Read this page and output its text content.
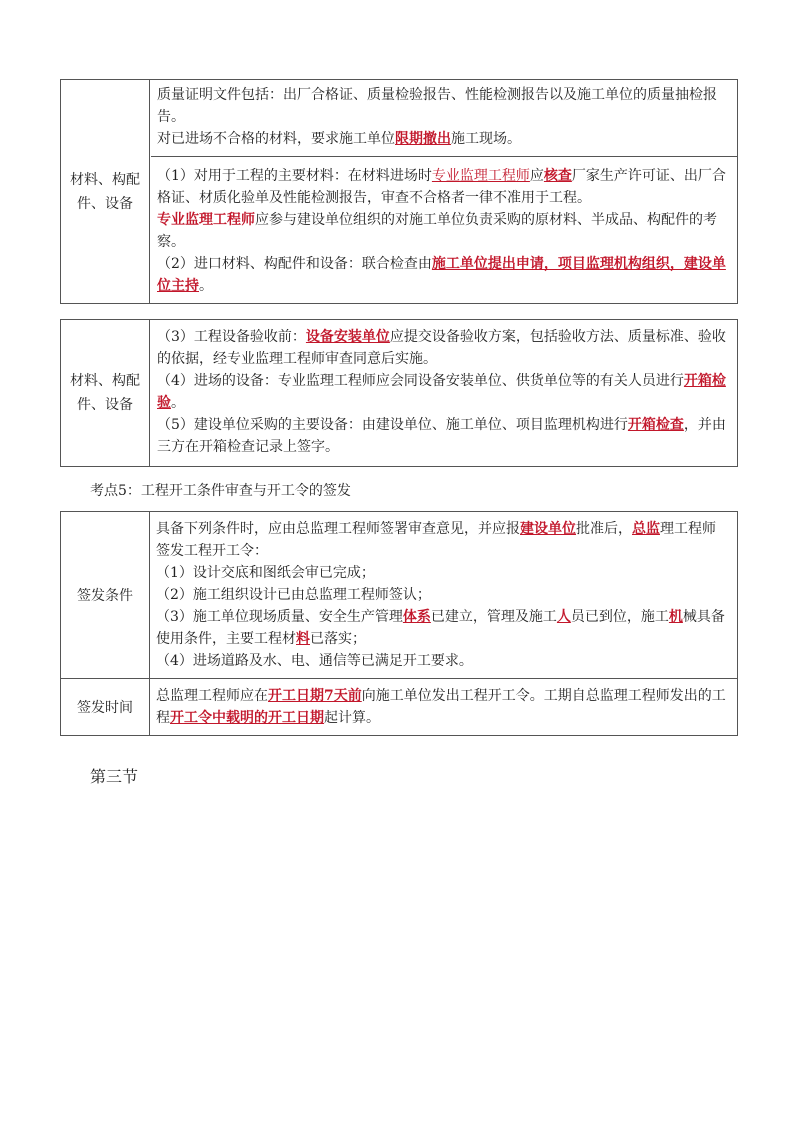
材料、构配件、设备
质量证明文件包括：出厂合格证、质量检验报告、性能检测报告以及施工单位的质量抽检报告。
对已进场不合格的材料，要求施工单位限期撤出施工现场。
（1）对用于工程的主要材料：在材料进场时专业监理工程师应核查厂家生产许可证、出厂合格证、材质化验单及性能检测报告，审查不合格者一律不准用于工程。
专业监理工程师应参与建设单位组织的对施工单位负责采购的原材料、半成品、构配件的考察。
（2）进口材料、构配件和设备：联合检查由施工单位提出申请，项目监理机构组织，建设单位主持。
材料、构配件、设备
（3）工程设备验收前：设备安装单位应提交设备验收方案，包括验收方法、质量标准、验收的依据，经专业监理工程师审查同意后实施。
（4）进场的设备：专业监理工程师应会同设备安装单位、供货单位等的有关人员进行开箱检验。
（5）建设单位采购的主要设备：由建设单位、施工单位、项目监理机构进行开箱检查，并由三方在开箱检查记录上签字。
考点5：工程开工条件审查与开工令的签发
签发条件
具备下列条件时，应由总监理工程师签署审查意见，并应报建设单位批准后，总监理工程师签发工程开工令：
（1）设计交底和图纸会审已完成；
（2）施工组织设计已由总监理工程师签认；
（3）施工单位现场质量、安全生产管理体系已建立，管理及施工人员已到位，施工机械具备使用条件，主要工程材料已落实；
（4）进场道路及水、电、通信等已满足开工要求。
签发时间
总监理工程师应在开工日期7天前向施工单位发出工程开工令。工期自总监理工程师发出的工程开工令中载明的开工日期起计算。
第三节
